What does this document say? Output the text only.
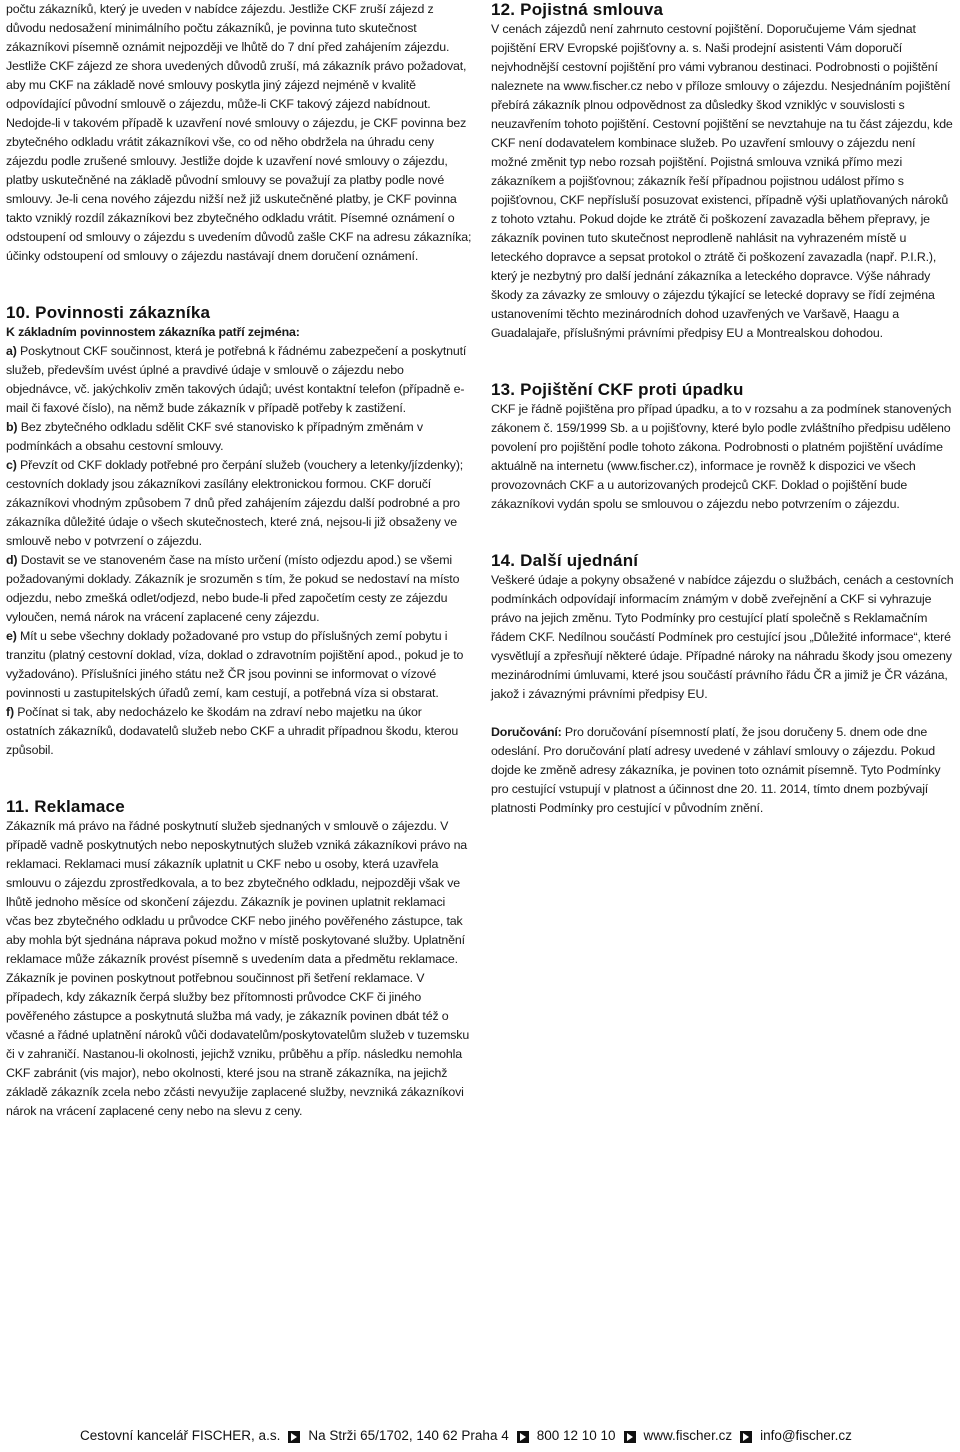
počtu zákazníků, který je uveden v nabídce zájezdu. Jestliže CKF zruší zájezd z důvodu nedosažení minimálního počtu zákazníků, je povinna tuto skutečnost zákazníkovi písemně oznámit nejpozději ve lhůtě do 7 dní před zahájením zájezdu. Jestliže CKF zájezd ze shora uvedených důvodů zruší, má zákazník právo požadovat, aby mu CKF na základě nové smlouvy poskytla jiný zájezd nejméně v kvalitě odpovídající původní smlouvě o zájezdu, může-li CKF takový zájezd nabídnout. Nedojde-li v takovém případě k uzavření nové smlouvy o zájezdu, je CKF povinna bez zbytečného odkladu vrátit zákazníkovi vše, co od něho obdržela na úhradu ceny zájezdu podle zrušené smlouvy. Jestliže dojde k uzavření nové smlouvy o zájezdu, platby uskutečněné na základě původní smlouvy se považují za platby podle nové smlouvy. Je-li cena nového zájezdu nižší než již uskutečněné platby, je CKF povinna takto vzniklý rozdíl zákazníkovi bez zbytečného odkladu vrátit. Písemné oznámení o odstoupení od smlouvy o zájezdu s uvedením důvodů zašle CKF na adresu zákazníka; účinky odstoupení od smlouvy o zájezdu nastávají dnem doručení oznámení.

10. Povinnosti zákazníka

K základním povinnostem zákazníka patří zejména:

a) Poskytnout CKF součinnost, která je potřebná k řádnému zabezpečení a poskytnutí služeb, především uvést úplné a pravdivé údaje v smlouvě o zájezdu nebo objednávce, vč. jakýchkoliv změn takových údajů; uvést kontaktní telefon (případně e-mail či faxové číslo), na němž bude zákazník v případě potřeby k zastižení.

b) Bez zbytečného odkladu sdělit CKF své stanovisko k případným změnám v podmínkách a obsahu cestovní smlouvy.

c) Převzít od CKF doklady potřebné pro čerpání služeb (vouchery a letenky/jízdenky); cestovních doklady jsou zákazníkovi zasílány elektronickou formou. CKF doručí zákazníkovi vhodným způsobem 7 dnů před zahájením zájezdu další podrobné a pro zákazníka důležité údaje o všech skutečnostech, které zná, nejsou-li již obsaženy ve smlouvě nebo v potvrzení o zájezdu.

d) Dostavit se ve stanoveném čase na místo určení (místo odjezdu apod.) se všemi požadovanými doklady. Zákazník je srozuměn s tím, že pokud se nedostaví na místo odjezdu, nebo zmešká odlet/odjezd, nebo bude-li před započetím cesty ze zájezdu vyloučen, nemá nárok na vrácení zaplacené ceny zájezdu.

e) Mít u sebe všechny doklady požadované pro vstup do příslušných zemí pobytu i tranzitu (platný cestovní doklad, víza, doklad o zdravotním pojištění apod., pokud je to vyžadováno). Příslušníci jiného státu než ČR jsou povinni se informovat o vízové povinnosti u zastupitelských úřadů zemí, kam cestují, a potřebná víza si obstarat.

f) Počínat si tak, aby nedocházelo ke škodám na zdraví nebo majetku na úkor ostatních zákazníků, dodavatelů služeb nebo CKF a uhradit případnou škodu, kterou způsobil.

11. Reklamace

Zákazník má právo na řádné poskytnutí služeb sjednaných v smlouvě o zájezdu. V případě vadně poskytnutých nebo neposkytnutých služeb vzniká zákazníkovi právo na reklamaci. Reklamaci musí zákazník uplatnit u CKF nebo u osoby, která uzavřela smlouvu o zájezdu zprostředkovala, a to bez zbytečného odkladu, nejpozději však ve lhůtě jednoho měsíce od skončení zájezdu. Zákazník je povinen uplatnit reklamaci včas bez zbytečného odkladu u průvodce CKF nebo jiného pověřeného zástupce, tak aby mohla být sjednána náprava pokud možno v místě poskytované služby. Uplatnění reklamace může zákazník provést písemně s uvedením data a předmětu reklamace. Zákazník je povinen poskytnout potřebnou součinnost při šetření reklamace. V případech, kdy zákazník čerpá služby bez přítomnosti průvodce CKF či jiného pověřeného zástupce a poskytnutá služba má vady, je zákazník povinen dbát též o včasné a řádné uplatnění nároků vůči dodavatelům/poskytovatelům služeb v tuzemsku či v zahraničí. Nastanou-li okolnosti, jejichž vzniku, průběhu a příp. následku nemohla CKF zabránit (vis major), nebo okolnosti, které jsou na straně zákazníka, na jejichž základě zákazník zcela nebo zčásti nevyužije zaplacené služby, nevzniká zákazníkovi nárok na vrácení zaplacené ceny nebo na slevu z ceny.

12. Pojistná smlouva

V cenách zájezdů není zahrnuto cestovní pojištění. Doporučujeme Vám sjednat pojištění ERV Evropské pojišťovny a. s. Naši prodejní asistenti Vám doporučí nejvhodnější cestovní pojištění pro vámi vybranou destinaci. Podrobnosti o pojištění naleznete na www.fischer.cz nebo v příloze smlouvy o zájezdu. Nesjednáním pojištění přebírá zákazník plnou odpovědnost za důsledky škod vzniklýc v souvislosti s neuzavřením tohoto pojištění. Cestovní pojištění se nevztahuje na tu část zájezdu, kde CKF není dodavatelem kombinace služeb. Po uzavření smlouvy o zájezdu není možné změnit typ nebo rozsah pojištění. Pojistná smlouva vzniká přímo mezi zákazníkem a pojišťovnou; zákazník řeší případnou pojistnou událost přímo s pojišťovnou, CKF nepřísluší posuzovat existenci, případně výši uplatňovaných nároků z tohoto vztahu. Pokud dojde ke ztrátě či poškození zavazadla během přepravy, je zákazník povinen tuto skutečnost neprodleně nahlásit na vyhrazeném místě u leteckého dopravce a sepsat protokol o ztrátě či poškození zavazadla (např. P.I.R.), který je nezbytný pro další jednání zákazníka a leteckého dopravce. Výše náhrady škody za závazky ze smlouvy o zájezdu týkající se letecké dopravy se řídí zejména ustanoveními těchto mezinárodních dohod uzavřených ve Varšavě, Haagu a Guadalajaře, příslušnými právními předpisy EU a Montrealskou dohodou.

13. Pojištění CKF proti úpadku

CKF je řádně pojištěna pro případ úpadku, a to v rozsahu a za podmínek stanovených zákonem č. 159/1999 Sb. a u pojišťovny, které bylo podle zvláštního předpisu uděleno povolení pro pojištění podle tohoto zákona. Podrobnosti o platném pojištění uvádíme aktuálně na internetu (www.fischer.cz), informace je rovněž k dispozici ve všech provozovnách CKF a u autorizovaných prodejců CKF. Doklad o pojištění bude zákazníkovi vydán spolu se smlouvou o zájezdu nebo potvrzením o zájezdu.

14. Další ujednání

Veškeré údaje a pokyny obsažené v nabídce zájezdu o službách, cenách a cestovních podmínkách odpovídají informacím známým v době zveřejnění a CKF si vyhrazuje právo na jejich změnu. Tyto Podmínky pro cestující platí společně s Reklamačním řádem CKF. Nedílnou součástí Podmínek pro cestující jsou „Důležité informace“, které vysvětlují a zpřesňují některé údaje. Případné nároky na náhradu škody jsou omezeny mezinárodními úmluvami, které jsou součástí právního řádu ČR a jimiž je ČR vázána, jakož i závaznými právními předpisy EU.

Doručování: Pro doručování písemností platí, že jsou doručeny 5. dnem ode dne odeslání. Pro doručování platí adresy uvedené v záhlaví smlouvy o zájezdu. Pokud dojde ke změně adresy zákazníka, je povinen toto oznámit písemně. Tyto Podmínky pro cestující vstupují v platnost a účinnost dne 20. 11. 2014, tímto dnem pozbývají platnosti Podmínky pro cestující v původním znění.

Cestovní kancelář FISCHER, a.s. Na Strži 65/1702, 140 62 Praha 4 800 12 10 10 www.fischer.cz info@fischer.cz
